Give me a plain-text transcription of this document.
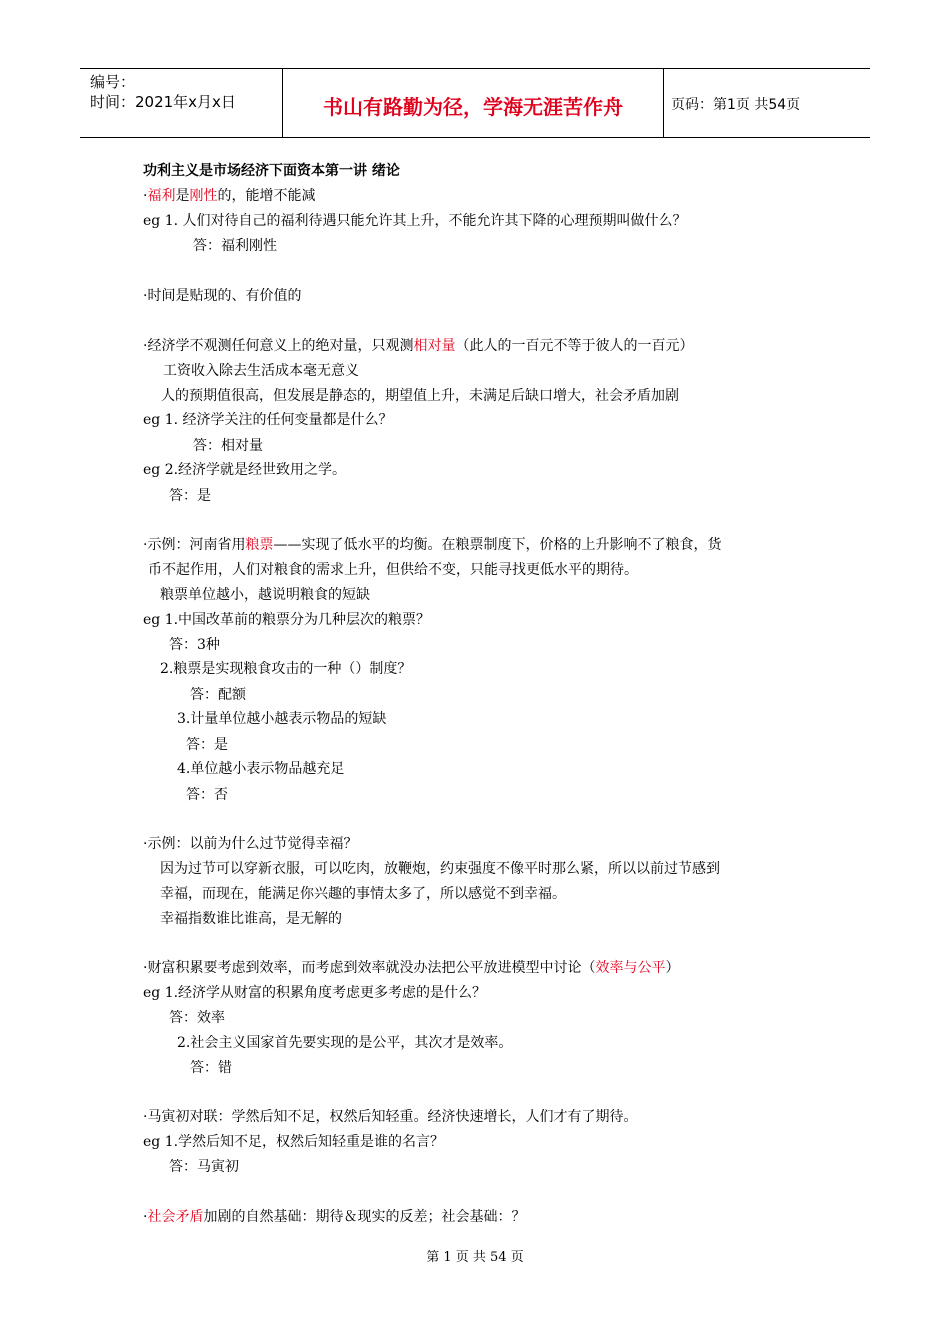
编号：
时间：2021年x月x日	书山有路勤为径，学海无涯苦作舟	页码：第1页 共54页
功利主义是市场经济下面资本第一讲 绪论
·福利是刚性的，能增不能减
eg 1. 人们对待自己的福利待遇只能允许其上升，不能允许其下降的心理预期叫做什么？
答：福利刚性
·时间是贴现的、有价值的
·经济学不观测任何意义上的绝对量，只观测相对量（此人的一百元不等于彼人的一百元）
工资收入除去生活成本毫无意义
人的预期值很高，但发展是静态的，期望值上升，未满足后缺口增大，社会矛盾加剧
eg 1. 经济学关注的任何变量都是什么？
答：相对量
eg 2.经济学就是经世致用之学。
答：是
·示例：河南省用粮票——实现了低水平的均衡。在粮票制度下，价格的上升影响不了粮食，货
币不起作用，人们对粮食的需求上升，但供给不变，只能寻找更低水平的期待。
粮票单位越小，越说明粮食的短缺
eg 1.中国改革前的粮票分为几种层次的粮票？
答：3种
2.粮票是实现粮食攻击的一种（）制度？
答：配额
3.计量单位越小越表示物品的短缺
答：是
4.单位越小表示物品越充足
答：否
·示例：以前为什么过节觉得幸福？
因为过节可以穿新衣服，可以吃肉，放鞭炮，约束强度不像平时那么紧，所以以前过节感到
幸福，而现在，能满足你兴趣的事情太多了，所以感觉不到幸福。
幸福指数谁比谁高，是无解的
·财富积累要考虑到效率，而考虑到效率就没办法把公平放进模型中讨论（效率与公平）
eg 1.经济学从财富的积累角度考虑更多考虑的是什么？
答：效率
2.社会主义国家首先要实现的是公平，其次才是效率。
答：错
·马寅初对联：学然后知不足，权然后知轻重。经济快速增长，人们才有了期待。
eg 1.学然后知不足，权然后知轻重是谁的名言？
答：马寅初
·社会矛盾加剧的自然基础：期待＆现实的反差；社会基础：？
第 1 页 共 54 页
